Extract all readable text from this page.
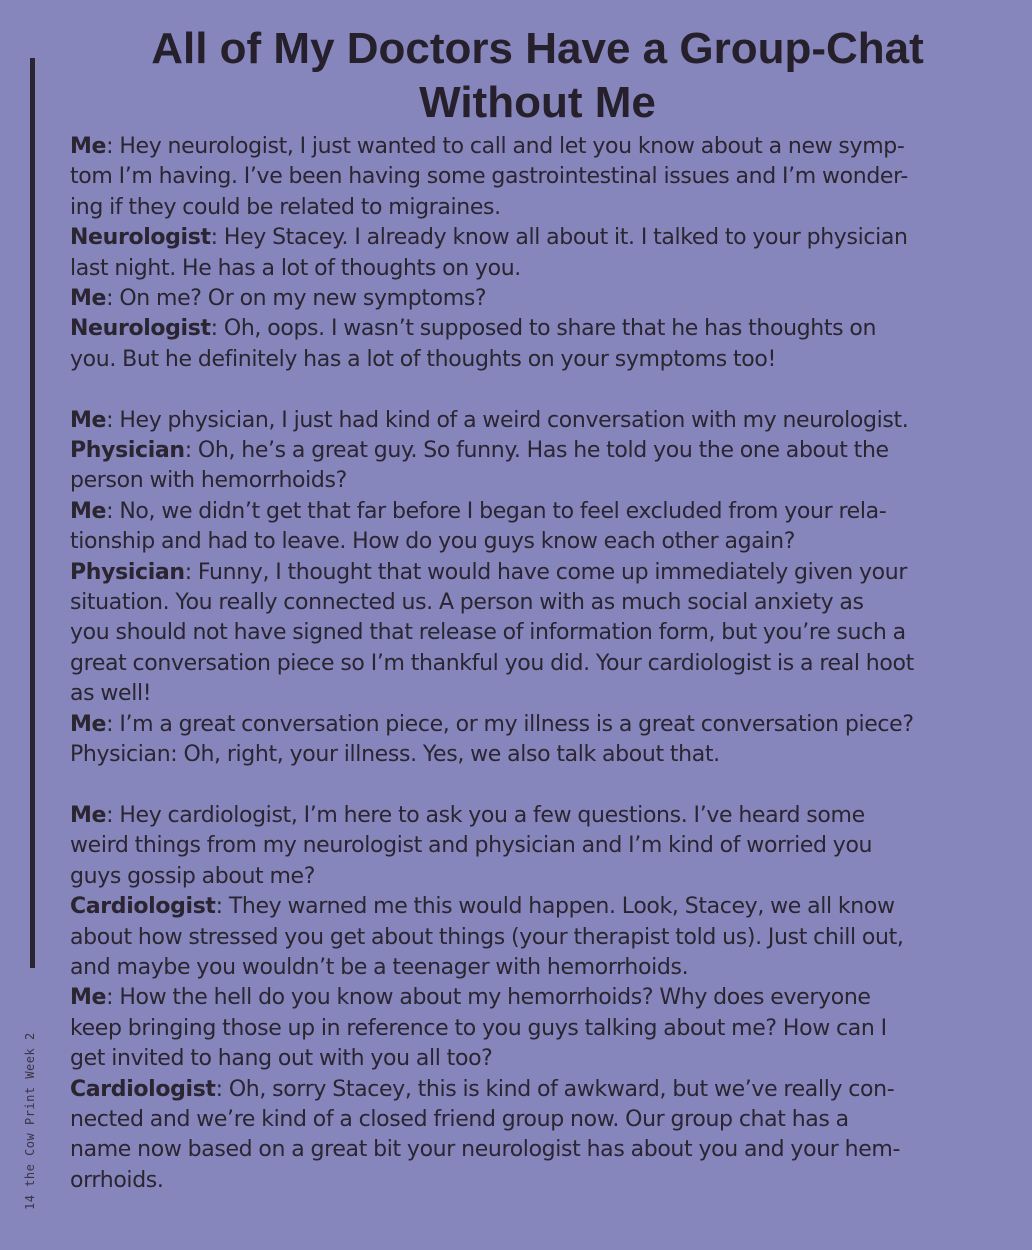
14 the Cow Print Week 2
All of My Doctors Have a Group-Chat
Without Me

Me: Hey neurologist, I just wanted to call and let you know about a new symp-
tom I’m having. I’ve been having some gastrointestinal issues and I’m wonder-
ing if they could be related to migraines.

Neurologist: Hey Stacey. I already know all about it. I talked to your physician
last night. He has a lot of thoughts on you.

Me: On me? Or on my new symptoms?

Neurologist: Oh, oops. I wasn’t supposed to share that he has thoughts on
you. But he definitely has a lot of thoughts on your symptoms too!

Me: Hey physician, I just had kind of a weird conversation with my neurologist.

Physician: Oh, he’s a great guy. So funny. Has he told you the one about the
person with hemorrhoids?

Me: No, we didn’t get that far before I began to feel excluded from your rela-
tionship and had to leave. How do you guys know each other again?

Physician: Funny, I thought that would have come up immediately given your
situation. You really connected us. A person with as much social anxiety as
you should not have signed that release of information form, but you’re such a
great conversation piece so I’m thankful you did. Your cardiologist is a real hoot
as well!

Me: I’m a great conversation piece, or my illness is a great conversation piece?

Physician: Oh, right, your illness. Yes, we also talk about that.

Me: Hey cardiologist, I’m here to ask you a few questions. I’ve heard some
weird things from my neurologist and physician and I’m kind of worried you
guys gossip about me?

Cardiologist: They warned me this would happen. Look, Stacey, we all know
about how stressed you get about things (your therapist told us). Just chill out,
and maybe you wouldn’t be a teenager with hemorrhoids.

Me: How the hell do you know about my hemorrhoids? Why does everyone
keep bringing those up in reference to you guys talking about me? How can I
get invited to hang out with you all too?

Cardiologist: Oh, sorry Stacey, this is kind of awkward, but we’ve really con-
nected and we’re kind of a closed friend group now. Our group chat has a
name now based on a great bit your neurologist has about you and your hem-
orrhoids.
